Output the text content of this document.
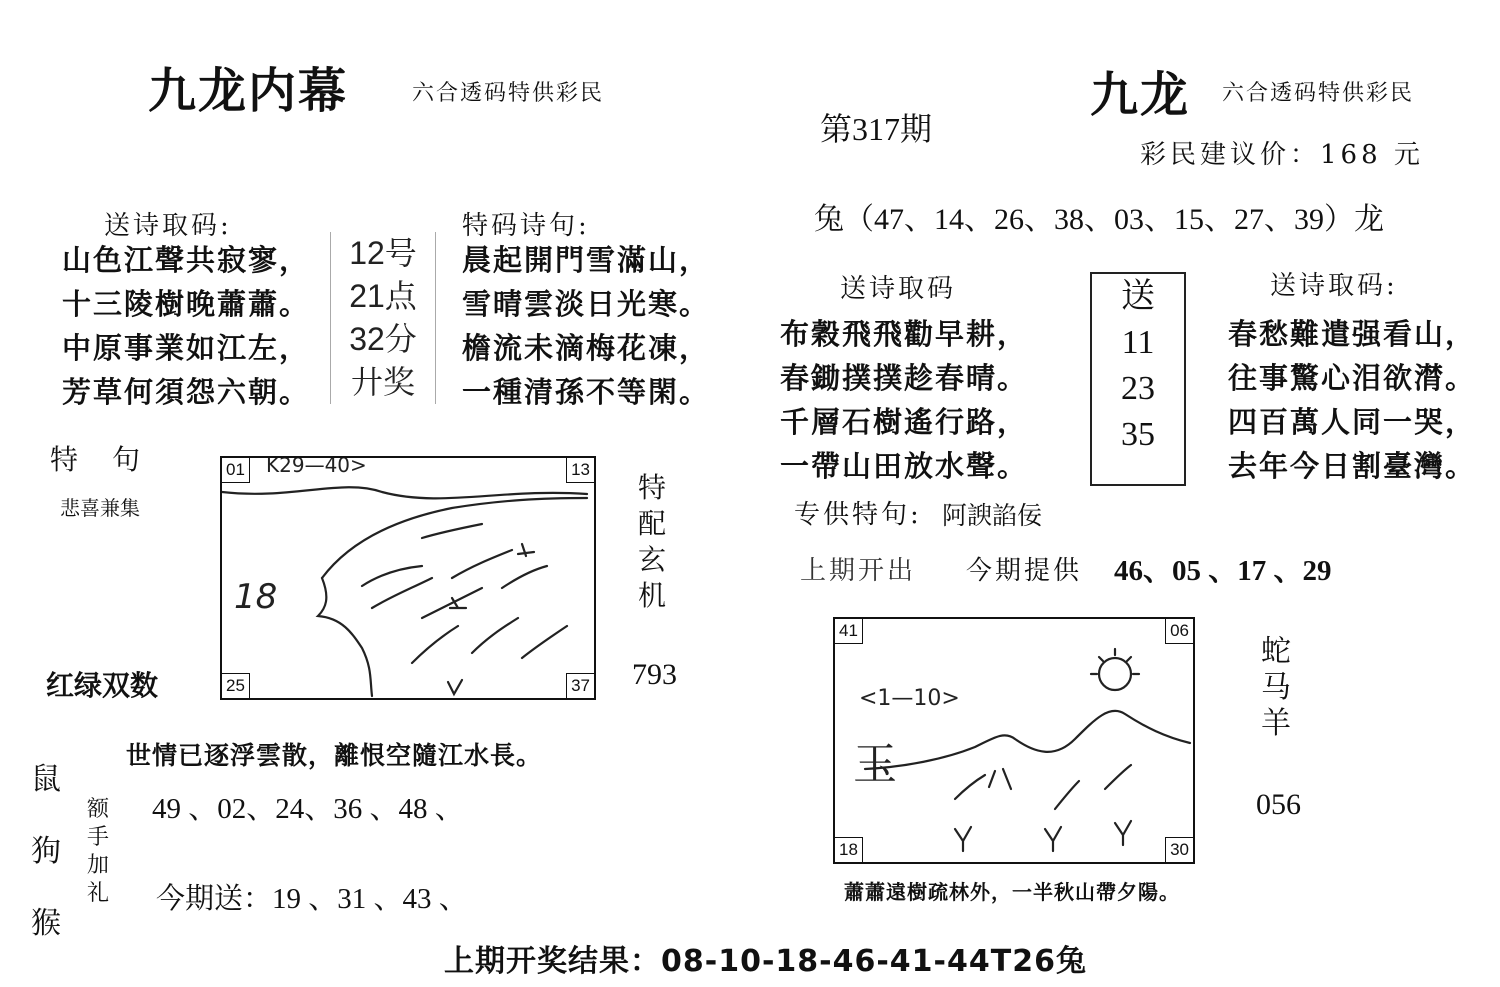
九龙内幕	六合透码特供彩民
送诗取码:
山色江聲共寂寥，
十三陵樹晚蕭蕭。
中原事業如江左，
芳草何須怨六朝。
12号
21点
32分
廾奖
特码诗句:
晨起開門雪滿山，
雪晴雲淡日光寒。
檐流未滴梅花凍，
一種清孫不等閑。
特　句
悲喜兼集
K29—40>
18
01	13
25	37
特
配
玄
机
793
红绿双数
世情已逐浮雲散，離恨空隨江水長。
鼠
狗
猴
额
手
加
礼
49 、02、24、36 、48 、
今期送：19 、31 、43 、
九龙 六合透码特供彩民
第317期
彩民建议价：168 元
兔（47、14、26、38、03、15、27、39）龙
送诗取码
布穀飛飛勸早耕，
春鋤撲撲趁春晴。
千層石樹遙行路，
一帶山田放水聲。
送
11
23
35
送诗取码:
春愁難遣强看山，
往事驚心泪欲潸。
四百萬人同一哭，
去年今日割臺灣。
专供特句: 阿諛諂佞
上期开出 今期提供 46、05 、17 、29
<1—10>
玉
41	06
18	30
蛇
马
羊
056
蕭蕭遠樹疏林外，一半秋山帶夕陽。
上期开奖结果：08-10-18-46-41-44T26兔
